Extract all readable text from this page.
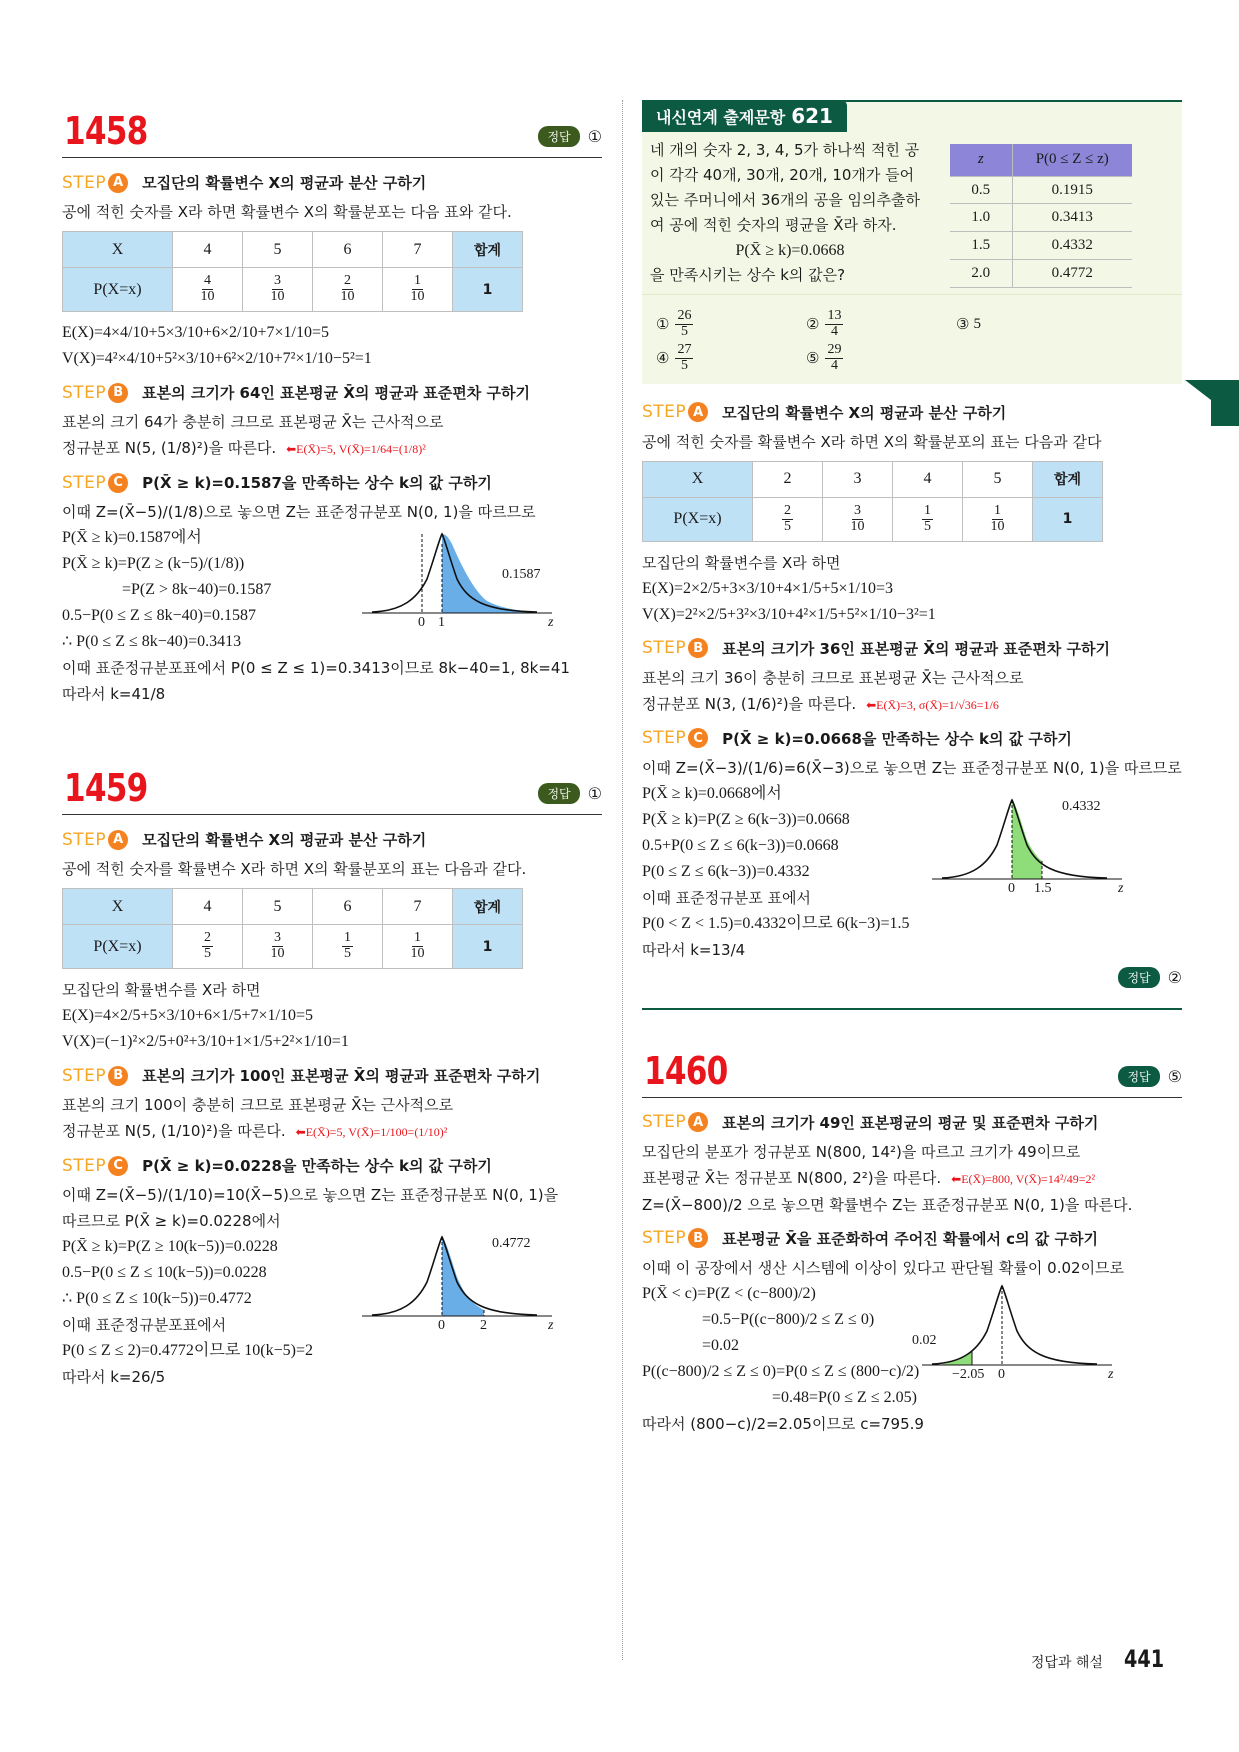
1458	정답	①
STEP A	모집단의 확률변수 X의 평균과 분산 구하기
공에 적힌 숫자를 X라 하면 확률변수 X의 확률분포는 다음 표와 같다.
X	4	5	6	7	합계
P(X=x)	$\frac{4}{10}$	$\frac{3}{10}$	$\frac{2}{10}$	$\frac{1}{10}$	1
E(X)=4×4/10+5×3/10+6×2/10+7×1/10=5
V(X)=4²×4/10+5²×3/10+6²×2/10+7²×1/10−5²=1
STEP B	표본의 크기가 64인 표본평균 X̄의 평균과 표준편차 구하기
표본의 크기 64가 충분히 크므로 표본평균 X̄는 근사적으로
정규분포 N(5, (1/8)²)을 따른다. ⬅E(X̄)=5, V(X̄)=1/64=(1/8)²
STEP C	P(X̄ ≥ k)=0.1587을 만족하는 상수 k의 값 구하기
이때 Z=(X̄−5)/(1/8)으로 놓으면 Z는 표준정규분포 N(0, 1)을 따르므로
P(X̄ ≥ k)=0.1587에서
P(X̄ ≥ k)=P(Z ≥ (k−5)/(1/8))
=P(Z > 8k−40)=0.1587
0.5−P(0 ≤ Z ≤ 8k−40)=0.1587
∴ P(0 ≤ Z ≤ 8k−40)=0.3413
이때 표준정규분포표에서 P(0 ≤ Z ≤ 1)=0.3413이므로 8k−40=1, 8k=41
따라서 k=41/8
0 1	z
0.1587
1459	정답	①
STEP A	모집단의 확률변수 X의 평균과 분산 구하기
공에 적힌 숫자를 확률변수 X라 하면 X의 확률분포의 표는 다음과 같다.
X	4	5	6	7	합계
P(X=x)	$\frac{2}{5}$	$\frac{3}{10}$	$\frac{1}{5}$	$\frac{1}{10}$	1
모집단의 확률변수를 X라 하면
E(X)=4×2/5+5×3/10+6×1/5+7×1/10=5
V(X)=(−1)²×2/5+0²+3/10+1×1/5+2²×1/10=1
STEP B	표본의 크기가 100인 표본평균 X̄의 평균과 표준편차 구하기
표본의 크기 100이 충분히 크므로 표본평균 X̄는 근사적으로
정규분포 N(5, (1/10)²)을 따른다. ⬅E(X̄)=5, V(X̄)=1/100=(1/10)²
STEP C	P(X̄ ≥ k)=0.0228을 만족하는 상수 k의 값 구하기
이때 Z=(X̄−5)/(1/10)=10(X̄−5)으로 놓으면 Z는 표준정규분포 N(0, 1)을
따르므로 P(X̄ ≥ k)=0.0228에서
P(X̄ ≥ k)=P(Z ≥ 10(k−5))=0.0228
0.5−P(0 ≤ Z ≤ 10(k−5))=0.0228
∴ P(0 ≤ Z ≤ 10(k−5))=0.4772
이때 표준정규분포표에서
P(0 ≤ Z ≤ 2)=0.4772이므로 10(k−5)=2
따라서 k=26/5
0	2	z
0.4772
내신연계 출제문항 621
네 개의 숫자 2, 3, 4, 5가 하나씩 적힌 공
이 각각 40개, 30개, 20개, 10개가 들어
있는 주머니에서 36개의 공을 임의추출하
여 공에 적힌 숫자의 평균을 X̄라 하자.
P(X̄ ≥ k)=0.0668
을 만족시키는 상수 k의 값은?
z	P(0 ≤ Z ≤ z)
0.5	0.1915
1.0	0.3413
1.5	0.4332
2.0	0.4772
① $\frac{26}{5}$	② $\frac{13}{4}$	③ 5
④ $\frac{27}{5}$	⑤ $\frac{29}{4}$
STEP A	모집단의 확률변수 X의 평균과 분산 구하기
공에 적힌 숫자를 확률변수 X라 하면 X의 확률분포의 표는 다음과 같다
X	2	3	4	5	합계
P(X=x)	$\frac{2}{5}$	$\frac{3}{10}$	$\frac{1}{5}$	$\frac{1}{10}$	1
모집단의 확률변수를 X라 하면
E(X)=2×2/5+3×3/10+4×1/5+5×1/10=3
V(X)=2²×2/5+3²×3/10+4²×1/5+5²×1/10−3²=1
STEP B	표본의 크기가 36인 표본평균 X̄의 평균과 표준편차 구하기
표본의 크기 36이 충분히 크므로 표본평균 X̄는 근사적으로
정규분포 N(3, (1/6)²)을 따른다. ⬅E(X̄)=3, σ(X̄)=1/√36=1/6
STEP C	P(X̄ ≥ k)=0.0668을 만족하는 상수 k의 값 구하기
이때 Z=(X̄−3)/(1/6)=6(X̄−3)으로 놓으면 Z는 표준정규분포 N(0, 1)을 따르므로
P(X̄ ≥ k)=0.0668에서
P(X̄ ≥ k)=P(Z ≥ 6(k−3))=0.0668
0.5+P(0 ≤ Z ≤ 6(k−3))=0.0668
P(0 ≤ Z ≤ 6(k−3))=0.4332
이때 표준정규분포 표에서
P(0 < Z < 1.5)=0.4332이므로 6(k−3)=1.5
따라서 k=13/4
0 1.5	z
0.4332
정답	②
1460	정답	⑤
STEP A	표본의 크기가 49인 표본평균의 평균 및 표준편차 구하기
모집단의 분포가 정규분포 N(800, 14²)을 따르고 크기가 49이므로
표본평균 X̄는 정규분포 N(800, 2²)을 따른다. ⬅E(X̄)=800, V(X̄)=14²/49=2²
Z=(X̄−800)/2 으로 놓으면 확률변수 Z는 표준정규분포 N(0, 1)을 따른다.
STEP B	표본평균 X̄을 표준화하여 주어진 확률에서 c의 값 구하기
이때 이 공장에서 생산 시스템에 이상이 있다고 판단될 확률이 0.02이므로
P(X̄ < c)=P(Z < (c−800)/2)
=0.5−P((c−800)/2 ≤ Z ≤ 0)
=0.02
P((c−800)/2 ≤ Z ≤ 0)=P(0 ≤ Z ≤ (800−c)/2)
=0.48=P(0 ≤ Z ≤ 2.05)
따라서 (800−c)/2=2.05이므로 c=795.9
−2.05 0	z
0.02
정답과 해설 441
